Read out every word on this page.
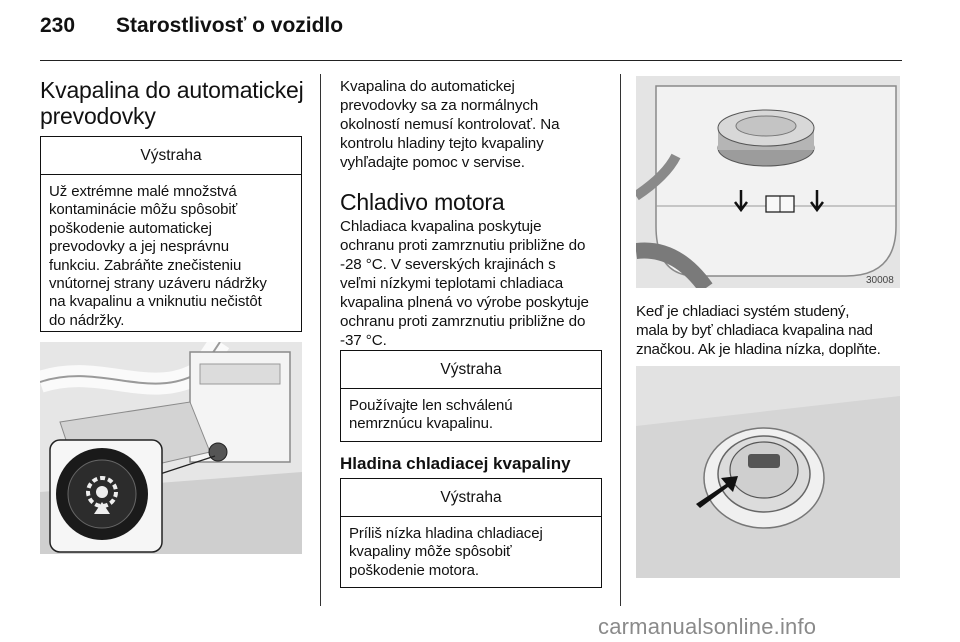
230 Starostlivosť o vozidlo
Kvapalina do automatickej
prevodovky
Výstraha
Už extrémne malé množstvá
kontaminácie môžu spôsobiť
poškodenie automatickej
prevodovky a jej nesprávnu
funkciu. Zabráňte znečisteniu
vnútornej strany uzáveru nádržky
na kvapalinu a vniknutiu nečistôt
do nádržky.

Kvapalina do automatickej
prevodovky sa za normálnych
okolností nemusí kontrolovať. Na
kontrolu hladiny tejto kvapaliny
vyhľadajte pomoc v servise.

Chladivo motora

Chladiaca kvapalina poskytuje
ochranu proti zamrznutiu približne do
-28 °C. V severských krajinách s
veľmi nízkymi teplotami chladiaca
kvapalina plnená vo výrobe poskytuje
ochranu proti zamrznutiu približne do
-37 °C.

Výstraha
Používajte len schválenú
nemrznúcu kvapalinu.
Hladina chladiacej kvapaliny
Výstraha
Príliš nízka hladina chladiacej
kvapaliny môže spôsobiť
poškodenie motora.
30008

Keď je chladiaci systém studený,
mala by byť chladiaca kvapalina nad
značkou. Ak je hladina nízka, doplňte.

carmanualsonline.info
